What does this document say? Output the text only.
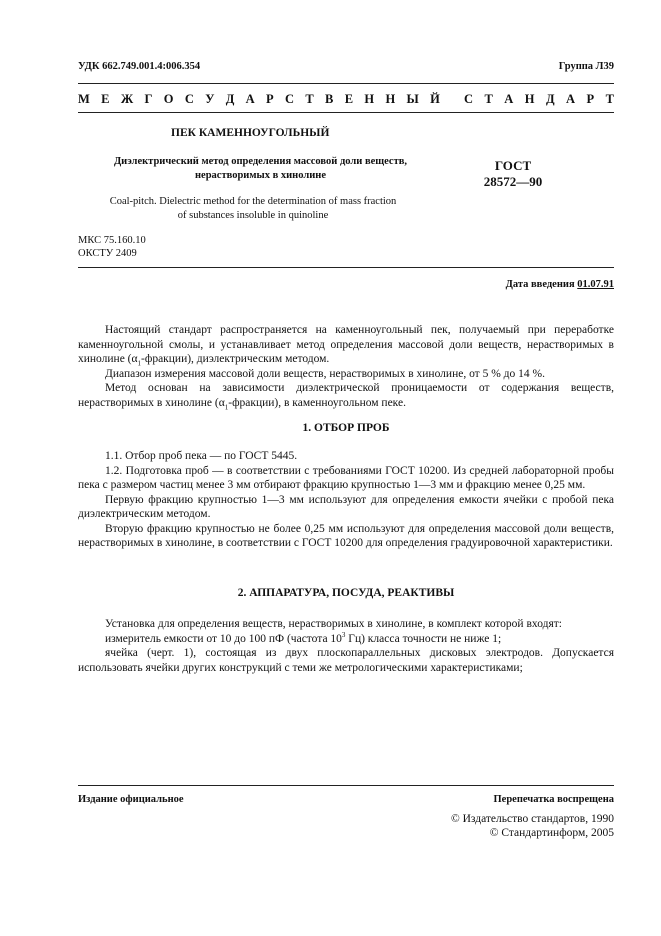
УДК 662.749.001.4:006.354	Группа Л39
М Е Ж Г О С У Д А Р С Т В Е Н Н Ы Й С Т А Н Д А Р Т
ПЕК КАМЕННОУГОЛЬНЫЙ
Диэлектрический метод определения массовой доли веществ,
нерастворимых в хинолине
ГОСТ
28572—90
Coal-pitch. Dielectric method for the determination of mass fraction
of substances insoluble in quinoline
МКС 75.160.10
ОКСТУ 2409
Дата введения 01.07.91

Настоящий стандарт распространяется на каменноугольный пек, получаемый при переработке каменноугольной смолы, и устанавливает метод определения массовой доли веществ, нерастворимых в хинолине $(\alpha_1-фракции)$, диэлектрическим методом.

Диапазон измерения массовой доли веществ, нерастворимых в хинолине, от 5 % до 14 %.

Метод основан на зависимости диэлектрической проницаемости от содержания веществ, нерастворимых в хинолине $(\alpha_1-фракции)$, в каменноугольном пеке.

1. ОТБОР ПРОБ

1.1. Отбор проб пека — по ГОСТ 5445.

1.2. Подготовка проб — в соответствии с требованиями ГОСТ 10200. Из средней лабораторной пробы пека с размером частиц менее 3 мм отбирают фракцию крупностью 1—3 мм и фракцию менее 0,25 мм.

Первую фракцию крупностью 1—3 мм используют для определения емкости ячейки с пробой пека диэлектрическим методом.

Вторую фракцию крупностью не более 0,25 мм используют для определения массовой доли веществ, нерастворимых в хинолине, в соответствии с ГОСТ 10200 для определения градуировочной характеристики.

2. АППАРАТУРА, ПОСУДА, РЕАКТИВЫ

Установка для определения веществ, нерастворимых в хинолине, в комплект которой входят:

измеритель емкости от 10 до 100 пФ (частота $10^3$ Гц) класса точности не ниже 1;

ячейка (черт. 1), состоящая из двух плоскопараллельных дисковых электродов. Допускается использовать ячейки других конструкций с теми же метрологическими характеристиками;

Издание официальное	Перепечатка воспрещена
© Издательство стандартов, 1990
© Стандартинформ, 2005
